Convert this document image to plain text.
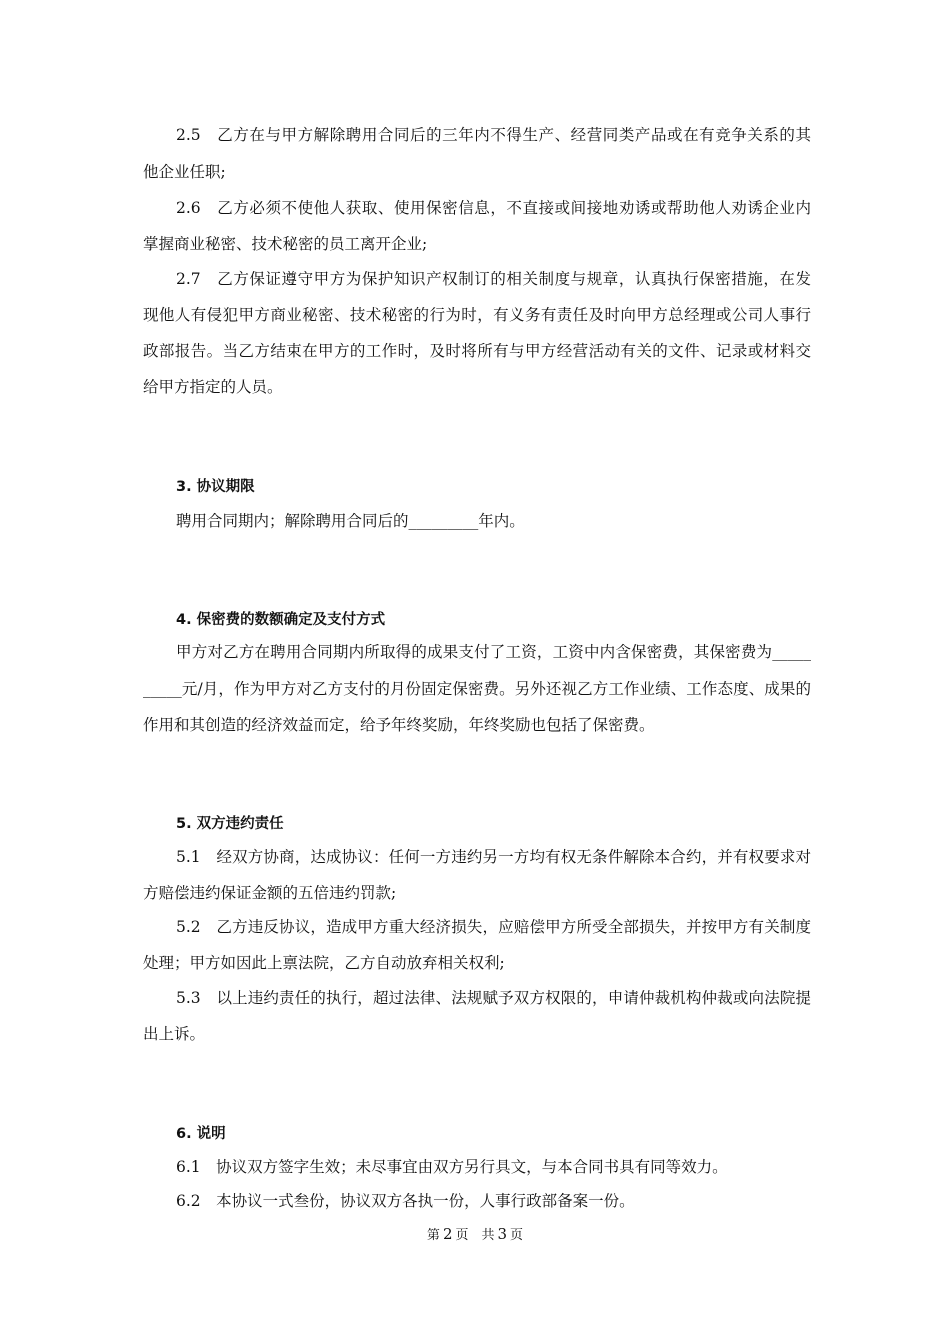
2.5　乙方在与甲方解除聘用合同后的三年内不得生产、经营同类产品或在有竞争关系的其
他企业任职;
2.6　乙方必须不使他人获取、使用保密信息，不直接或间接地劝诱或帮助他人劝诱企业内
掌握商业秘密、技术秘密的员工离开企业;
2.7　乙方保证遵守甲方为保护知识产权制订的相关制度与规章，认真执行保密措施，在发
现他人有侵犯甲方商业秘密、技术秘密的行为时，有义务有责任及时向甲方总经理或公司人事行
政部报告。当乙方结束在甲方的工作时，及时将所有与甲方经营活动有关的文件、记录或材料交
给甲方指定的人员。
3. 协议期限
聘用合同期内；解除聘用合同后的_________年内。
4. 保密费的数额确定及支付方式
甲方对乙方在聘用合同期内所取得的成果支付了工资，工资中内含保密费，其保密费为_____
_____元/月，作为甲方对乙方支付的月份固定保密费。另外还视乙方工作业绩、工作态度、成果的
作用和其创造的经济效益而定，给予年终奖励，年终奖励也包括了保密费。
5. 双方违约责任
5.1　经双方协商，达成协议：任何一方违约另一方均有权无条件解除本合约，并有权要求对
方赔偿违约保证金额的五倍违约罚款;
5.2　乙方违反协议，造成甲方重大经济损失，应赔偿甲方所受全部损失，并按甲方有关制度
处理；甲方如因此上禀法院，乙方自动放弃相关权利;
5.3　以上违约责任的执行，超过法律、法规赋予双方权限的，申请仲裁机构仲裁或向法院提
出上诉。
6. 说明
6.1　协议双方签字生效；未尽事宜由双方另行具文，与本合同书具有同等效力。
6.2　本协议一式叁份，协议双方各执一份，人事行政部备案一份。
第 2 页　共 3 页
